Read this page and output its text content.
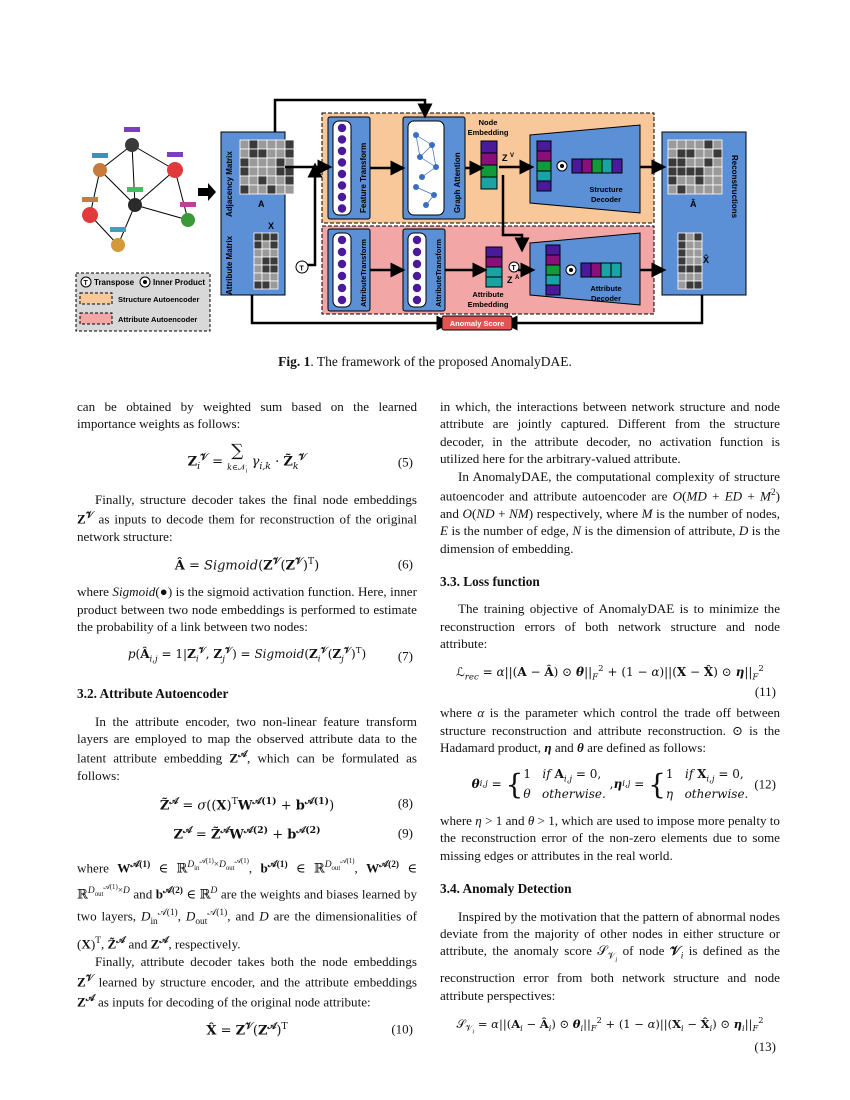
T Transpose Inner Product
Structure Autoencoder
Attribute Autoencoder
Adjacency Matrix
Attribute Matrix
A
X
Feature Transform	Graph Attention
Node
Embedding
Z V
Structure
Decoder
AttributeTransform	AttributeTransform	Attribute
Embedding
Z A
T
Attribute
Decoder
Â
X̂
Reconstructions
T
Anomaly Score
Fig. 1. The framework of the proposed AnomalyDAE.

can be obtained by weighted sum based on the learned importance weights as follows:

$Z_i^𝒱$ =
∑
k∈𝒩$_i$
$\gamma_{i,k}$ · $Z̃_k^𝒱$	(5)

Finally, structure decoder takes the final node embeddings $Z^𝒱$ as inputs to decode them for reconstruction of the original network structure:

Â = $Sigmoid(Z^𝒱(Z^𝒱)^T)$	(6)

where Sigmoid(●) is the sigmoid activation function. Here, inner product between two node embeddings is performed to estimate the probability of a link between two nodes:

$p(Â_{i,j} = 1|Z_i^𝒱$, $Z_j^𝒱$) = $Sigmoid(Z_i^𝒱(Z_j^𝒱)^T)$ (7)

3.2. Attribute Autoencoder

In the attribute encoder, two non-linear feature transform layers are employed to map the observed attribute data to the latent attribute embedding $Z^𝒜$, which can be formulated as follows:

Z̃$^𝒜$ = $\sigma((X)^TW^{𝒜(1)} + b^{𝒜(1)})$	(8)
$Z^𝒜$ = $Z̃^𝒜W^{𝒜(2)} + b^{𝒜(2)}$	(9)

where $W^{𝒜(1)}$ ∈ ℝ$^{D_{in}^{𝒜(1)}\times D_{out}^{𝒜(1)}}$, $b^{𝒜(1)}$ ∈ ℝ$^{D_{out}^{𝒜(1)}}$, $W^{𝒜(2)}$ ∈ ℝ$^{D_{out}^{𝒜(1)}\times D}$ and $b^{𝒜(2)}$ ∈ ℝ$^D$ are the weights and biases learned by two layers, $D_{in}^{𝒜(1)}$, $D_{out}^{𝒜(1)}$, and D are the dimensionalities of $(X)^T$, Z̃$^𝒜$ and $Z^𝒜$, respectively.

Finally, attribute decoder takes both the node embeddings $Z^𝒱$ learned by structure encoder, and the attribute embeddings $Z^𝒜$ as inputs for decoding of the original node attribute:

X̂ = $Z^𝒱(Z^𝒜)^T$	(10)

in which, the interactions between network structure and node attribute are jointly captured. Different from the structure decoder, in the attribute decoder, no activation function is utilized here for the arbitrary-valued attribute.

In AnomalyDAE, the computational complexity of structure autoencoder and attribute autoencoder are O(MD + ED + $M^2$) and O(ND + NM) respectively, where M is the number of nodes, E is the number of edge, N is the dimension of attribute, D is the dimension of embedding.

3.3. Loss function

The training objective of AnomalyDAE is to minimize the reconstruction errors of both network structure and node attribute:

ℒ$_{rec}$ = α||(A − Â) ⊙ $\theta||_F^2 + (1 - \alpha)||(X$ − X̂) ⊙ $\eta||_F^2$
(11)

where α is the parameter which control the trade off between structure reconstruction and attribute reconstruction. ⊙ is the Hadamard product, η and θ are defined as follows:

θ i,j = { 1   if $A_{i,j} = 0$,
θ otherwise.
, η i,j = { 1   if $X_{i,j} = 0$,
η otherwise.
(12)

where η > 1 and θ > 1, which are used to impose more penalty to the reconstruction error of the non-zero elements due to some missing edges or attributes in the real world.

3.4. Anomaly Detection

Inspired by the motivation that the pattern of abnormal nodes deviate from the majority of other nodes in either structure or attribute, the anomaly score 𝒮$_{𝒱_i}$ of node 𝒱$_i$ is defined as the reconstruction error from both network structure and node attribute perspectives:

𝒮$_{𝒱_i}$ = $\alpha||(A_i$ − $Â_i$) ⊙ $\theta_i||_F^2 + (1 - \alpha)||(X_i$ − $X̂_i$) ⊙ $\eta_i||_F^2$
(13)
